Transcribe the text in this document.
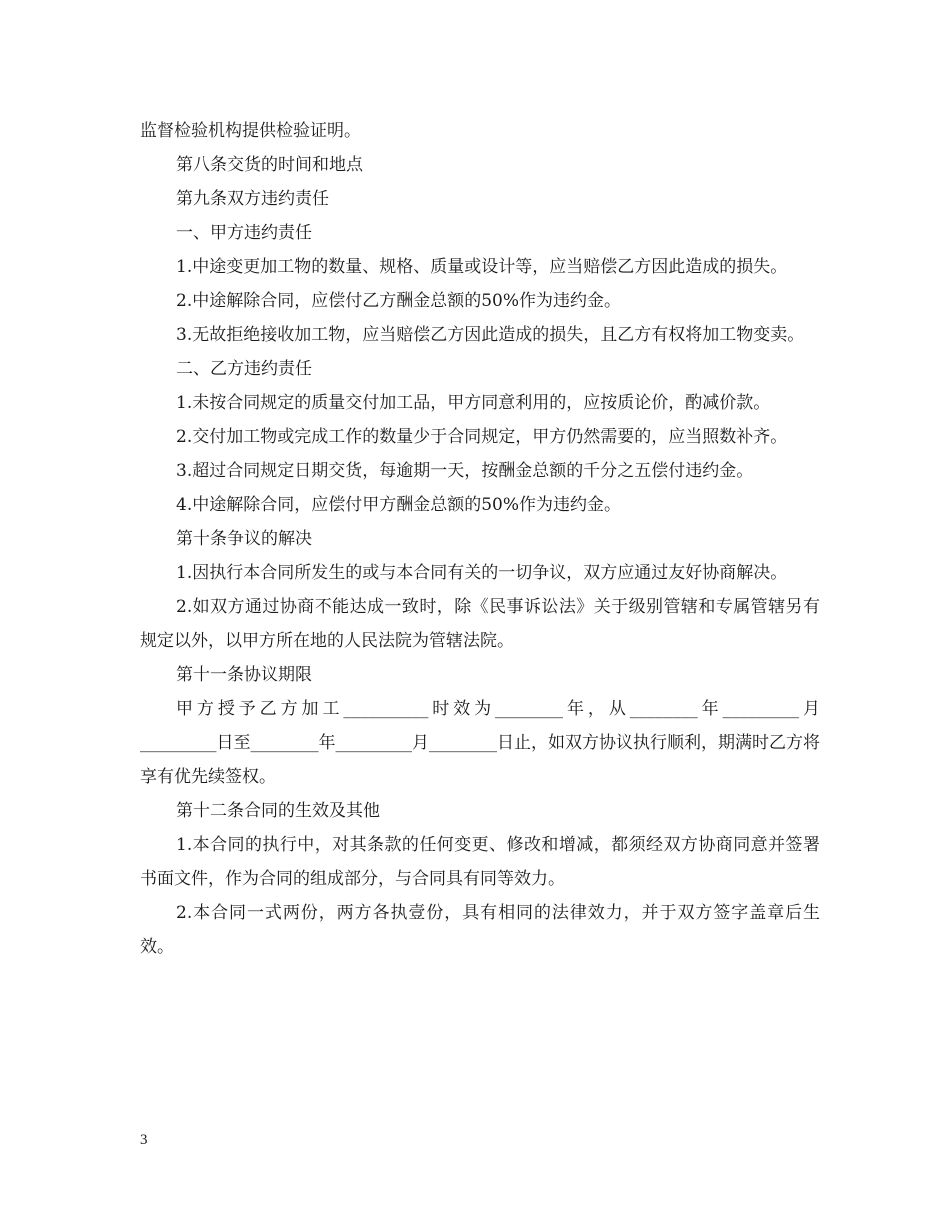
监督检验机构提供检验证明。

第八条交货的时间和地点

第九条双方违约责任

一、甲方违约责任

1.中途变更加工物的数量、规格、质量或设计等，应当赔偿乙方因此造成的损失。

2.中途解除合同，应偿付乙方酬金总额的50%作为违约金。

3.无故拒绝接收加工物，应当赔偿乙方因此造成的损失，且乙方有权将加工物变卖。

二、乙方违约责任

1.未按合同规定的质量交付加工品，甲方同意利用的，应按质论价，酌减价款。

2.交付加工物或完成工作的数量少于合同规定，甲方仍然需要的，应当照数补齐。

3.超过合同规定日期交货，每逾期一天，按酬金总额的千分之五偿付违约金。

4.中途解除合同，应偿付甲方酬金总额的50%作为违约金。

第十条争议的解决

1.因执行本合同所发生的或与本合同有关的一切争议，双方应通过友好协商解决。

2.如双方通过协商不能达成一致时，除《民事诉讼法》关于级别管辖和专属管辖另有规定以外，以甲方所在地的人民法院为管辖法院。

第十一条协议期限

甲方授予乙方加工__________时效为________年，从________年_________月_________日至________年_________月________日止，如双方协议执行顺利，期满时乙方将享有优先续签权。

第十二条合同的生效及其他

1.本合同的执行中，对其条款的任何变更、修改和增减，都须经双方协商同意并签署书面文件，作为合同的组成部分，与合同具有同等效力。

2.本合同一式两份，两方各执壹份，具有相同的法律效力，并于双方签字盖章后生效。

3
